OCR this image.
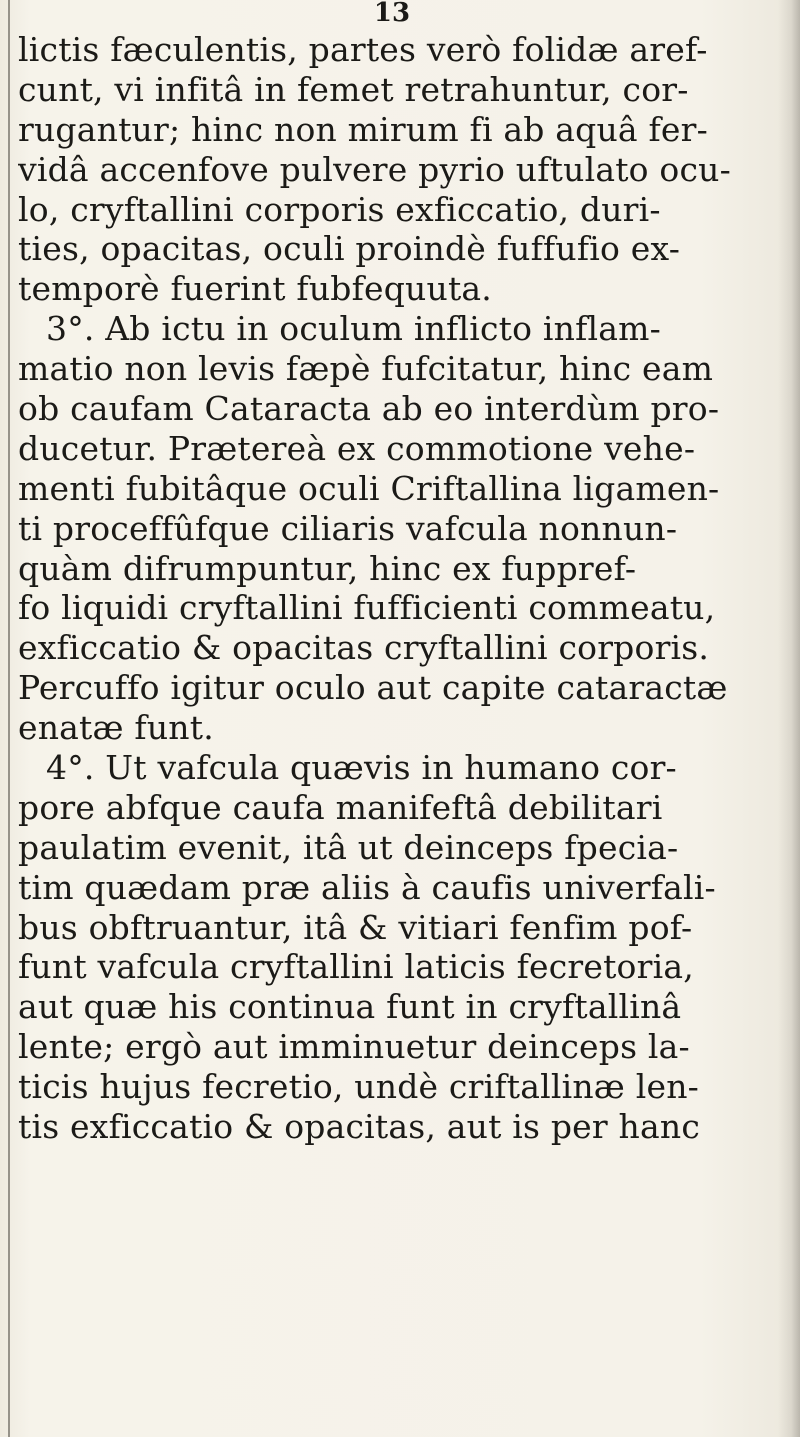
13
lictis fæculentis, partes verò folidæ aref-
cunt, vi infitâ in femet retrahuntur, cor-
rugantur; hinc non mirum fi ab aquâ fer-
vidâ accenfove pulvere pyrio uftulato ocu-
lo, cryftallini corporis exficcatio, duri-
ties, opacitas, oculi proindè fuffufio ex-
temporè fuerint fubfequuta.
3°. Ab ictu in oculum inflicto inflam-
matio non levis fæpè fufcitatur, hinc eam
ob caufam Cataracta ab eo interdùm pro-
ducetur. Prætereà ex commotione vehe-
menti fubitâque oculi Criftallina ligamen-
ti proceffûfque ciliaris vafcula nonnun-
quàm difrumpuntur, hinc ex fuppref-
fo liquidi cryftallini fufficienti commeatu,
exficcatio & opacitas cryftallini corporis.
Percuffo igitur oculo aut capite cataractæ
enatæ funt.
4°. Ut vafcula quævis in humano cor-
pore abfque caufa manifeftâ debilitari
paulatim evenit, itâ ut deinceps fpecia-
tim quædam præ aliis à caufis univerfali-
bus obftruantur, itâ & vitiari fenfim pof-
funt vafcula cryftallini laticis fecretoria,
aut quæ his continua funt in cryftallinâ
lente; ergò aut imminuetur deinceps la-
ticis hujus fecretio, undè criftallinæ len-
tis exficcatio & opacitas, aut is per hanc
